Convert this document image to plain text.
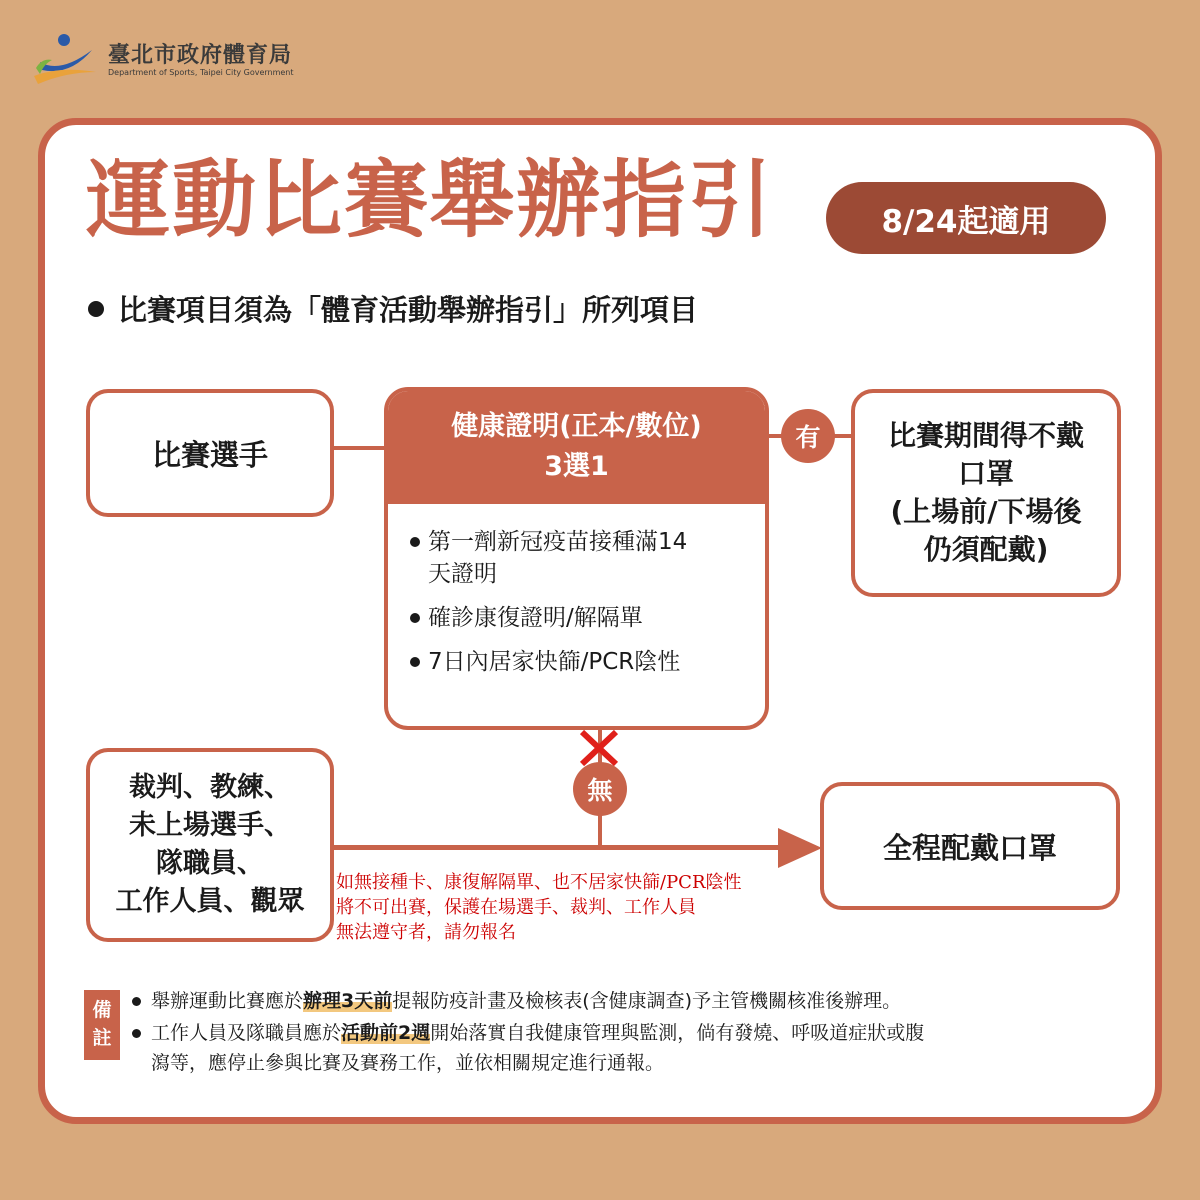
臺北市政府體育局
Department of Sports, Taipei City Government
運動比賽舉辦指引	8/24起適用
比賽項目須為「體育活動舉辦指引」所列項目
比賽選手
健康證明(正本/數位)
3選1
第一劑新冠疫苗接種滿14
天證明
確診康復證明/解隔單
7日內居家快篩/PCR陰性
有	比賽期間得不戴
口罩
(上場前/下場後
仍須配戴)
無
裁判、教練、
未上場選手、
隊職員、
工作人員、觀眾
全程配戴口罩
如無接種卡、康復解隔單、也不居家快篩/PCR陰性
將不可出賽，保護在場選手、裁判、工作人員
無法遵守者，請勿報名
備
註
舉辦運動比賽應於辦理3天前提報防疫計畫及檢核表(含健康調查)予主管機關核准後辦理。
工作人員及隊職員應於活動前2週開始落實自我健康管理與監測，倘有發燒、呼吸道症狀或腹
瀉等，應停止參與比賽及賽務工作，並依相關規定進行通報。
